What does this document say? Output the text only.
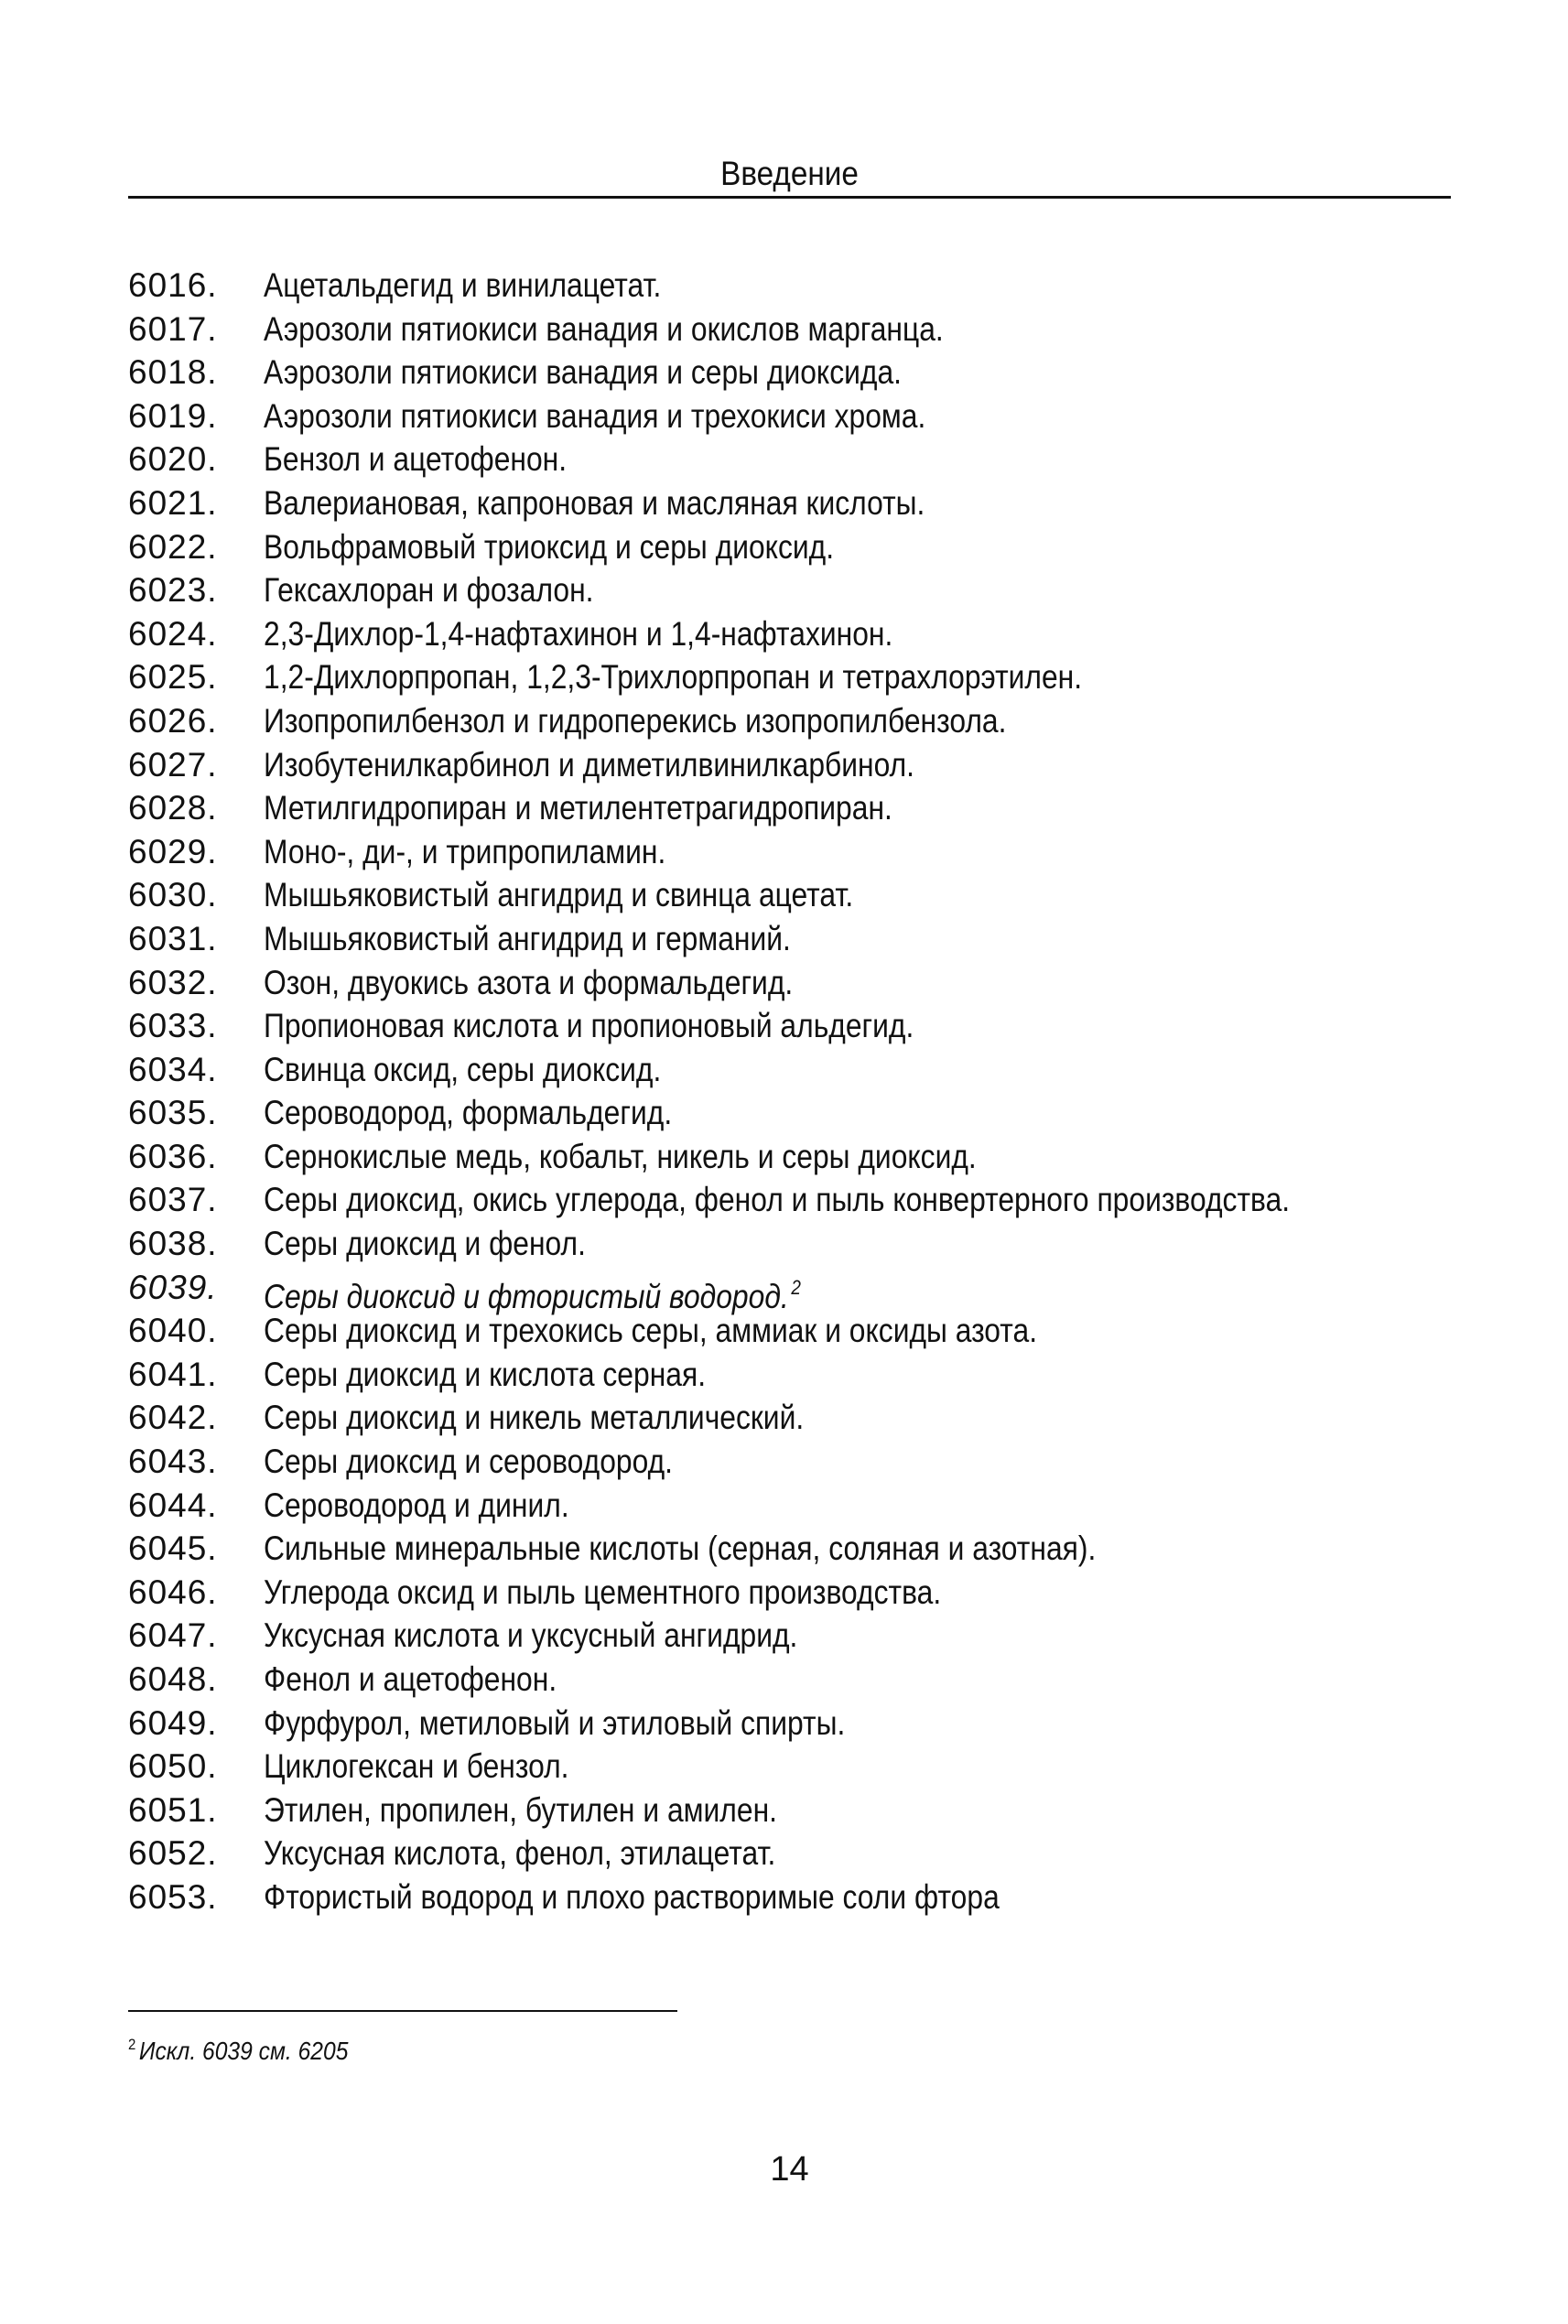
Введение
6016. Ацетальдегид и винилацетат.
6017. Аэрозоли пятиокиси ванадия и окислов марганца.
6018. Аэрозоли пятиокиси ванадия и серы диоксида.
6019. Аэрозоли пятиокиси ванадия и трехокиси хрома.
6020. Бензол и ацетофенон.
6021. Валериановая, капроновая и масляная кислоты.
6022. Вольфрамовый триоксид и серы диоксид.
6023. Гексахлоран и фозалон.
6024. 2,3-Дихлор-1,4-нафтахинон и 1,4-нафтахинон.
6025. 1,2-Дихлорпропан, 1,2,3-Трихлорпропан и тетрахлорэтилен.
6026. Изопропилбензол и гидроперекись изопропилбензола.
6027. Изобутенилкарбинол и диметилвинилкарбинол.
6028. Метилгидропиран и метилентетрагидропиран.
6029. Моно-, ди-, и трипропиламин.
6030. Мышьяковистый ангидрид и свинца ацетат.
6031. Мышьяковистый ангидрид и германий.
6032. Озон, двуокись азота и формальдегид.
6033. Пропионовая кислота и пропионовый альдегид.
6034. Свинца оксид, серы диоксид.
6035. Сероводород, формальдегид.
6036. Сернокислые медь, кобальт, никель и серы диоксид.
6037. Серы диоксид, окись углерода, фенол и пыль конвертерного производства.
6038. Серы диоксид и фенол.
6039. Серы диоксид и фтористый водород. $^2$
6040. Серы диоксид и трехокись серы, аммиак и оксиды азота.
6041. Серы диоксид и кислота серная.
6042. Серы диоксид и никель металлический.
6043. Серы диоксид и сероводород.
6044. Сероводород и динил.
6045. Сильные минеральные кислоты (серная, соляная и азотная).
6046. Углерода оксид и пыль цементного производства.
6047. Уксусная кислота и уксусный ангидрид.
6048. Фенол и ацетофенон.
6049. Фурфурол, метиловый и этиловый спирты.
6050. Циклогексан и бензол.
6051. Этилен, пропилен, бутилен и амилен.
6052. Уксусная кислота, фенол, этилацетат.
6053. Фтористый водород и плохо растворимые соли фтора
$^2$ Искл. 6039 см. 6205
14
